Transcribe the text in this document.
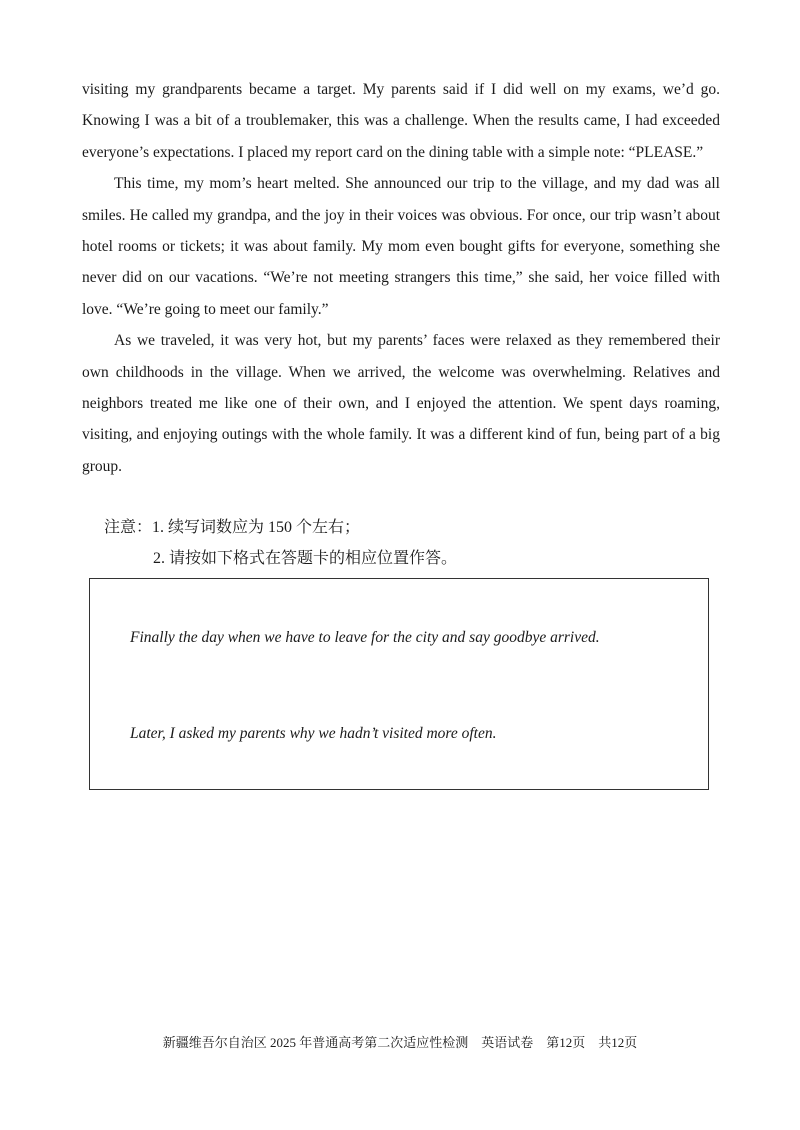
visiting my grandparents became a target. My parents said if I did well on my exams, we’d go. Knowing I was a bit of a troublemaker, this was a challenge. When the results came, I had exceeded everyone’s expectations. I placed my report card on the dining table with a simple note: “PLEASE.”

This time, my mom’s heart melted. She announced our trip to the village, and my dad was all smiles. He called my grandpa, and the joy in their voices was obvious. For once, our trip wasn’t about hotel rooms or tickets; it was about family. My mom even bought gifts for everyone, something she never did on our vacations. “We’re not meeting strangers this time,” she said, her voice filled with love. “We’re going to meet our family.”

As we traveled, it was very hot, but my parents’ faces were relaxed as they remembered their own childhoods in the village. When we arrived, the welcome was overwhelming. Relatives and neighbors treated me like one of their own, and I enjoyed the attention. We spent days roaming, visiting, and enjoying outings with the whole family. It was a different kind of fun, being part of a big group.

注意：1. 续写词数应为 150 个左右；
2. 请按如下格式在答题卡的相应位置作答。
Finally the day when we have to leave for the city and say goodbye arrived.
Later, I asked my parents why we hadn’t visited more often.
新疆维吾尔自治区 2025 年普通高考第二次适应性检测　英语试卷　第12页　共12页
